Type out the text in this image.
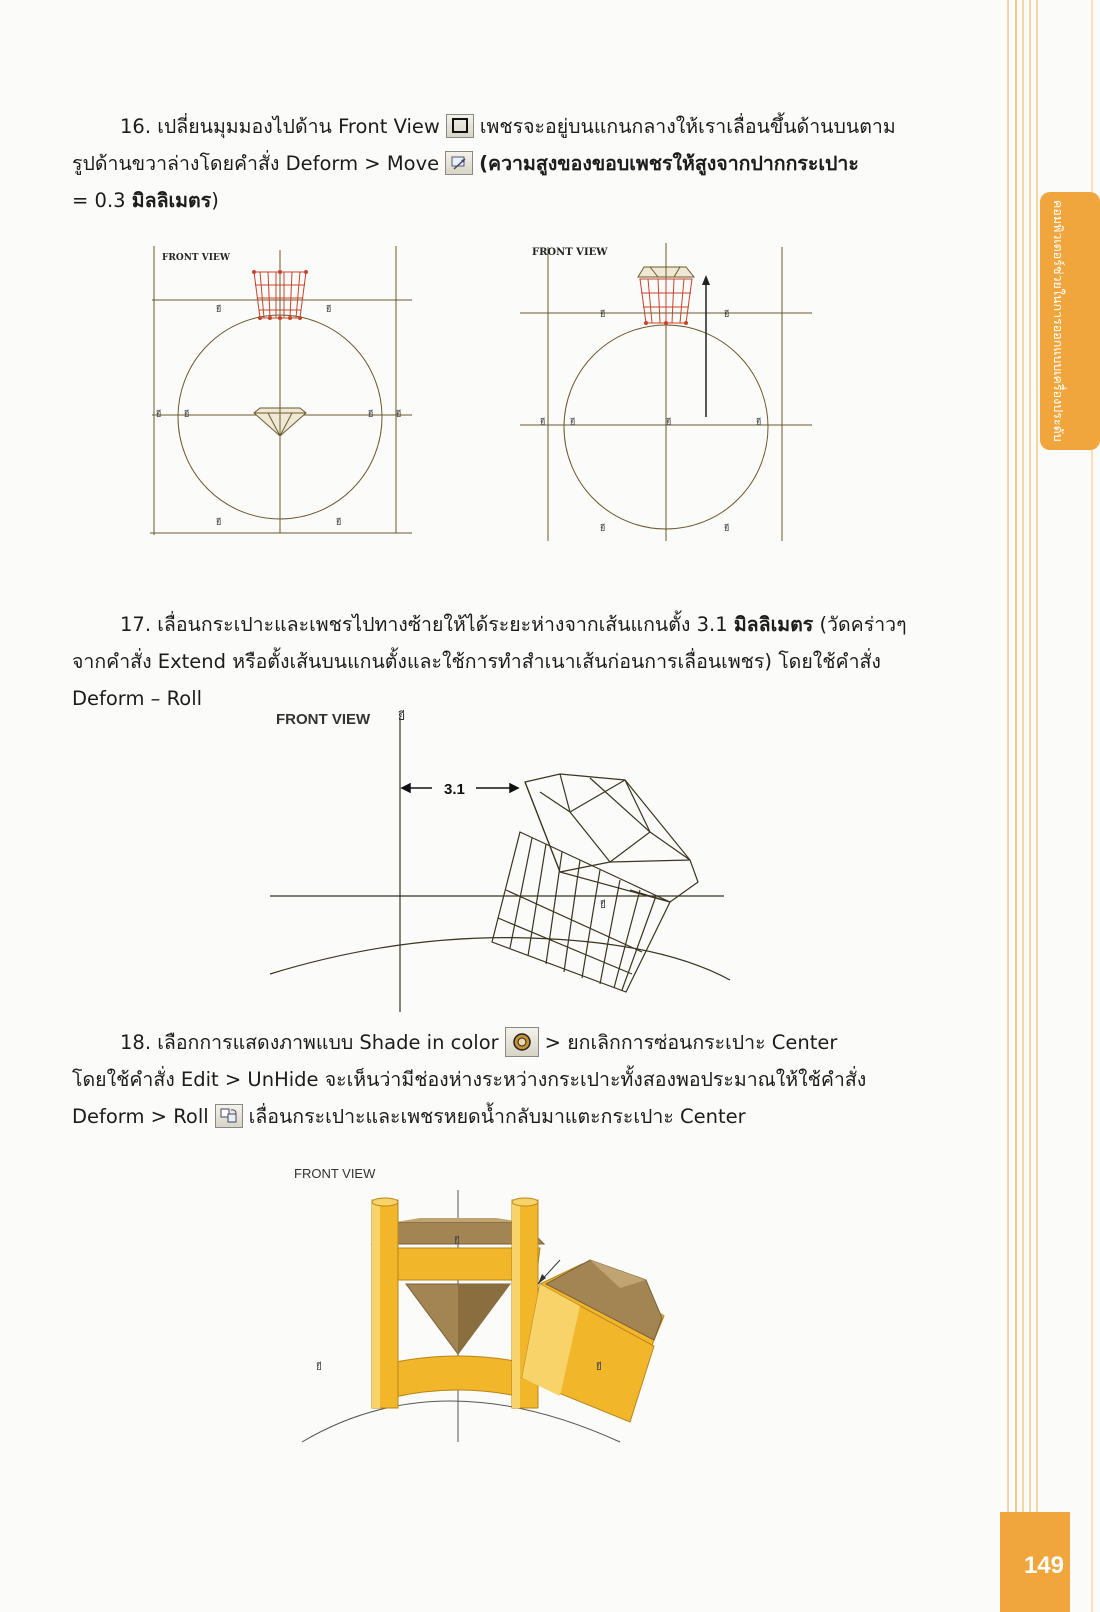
คอมพิวเตอร์ช่วยในการออกแบบเครื่องประดับ
149
16. เปลี่ยนมุมมองไปด้าน Front View เพชรจะอยู่บนแกนกลางให้เราเลื่อนขึ้นด้านบนตาม
รูปด้านขวาล่างโดยคำสั่ง Deform > Move (ความสูงของขอบเพชรให้สูงจากปากกระเปาะ
= 0.3 มิลลิเมตร)
ยี	ยี
ยี	ยี
ยี	ยี
ยี	ยี
FRONT VIEW
ยี	ยี
ยี	ยี	ยี
ยี
ยี	ยี
FRONT VIEW
17. เลื่อนกระเปาะและเพชรไปทางซ้ายให้ได้ระยะห่างจากเส้นแกนตั้ง 3.1 มิลลิเมตร (วัดคร่าวๆ
จากคำสั่ง Extend หรือตั้งเส้นบนแกนตั้งและใช้การทำสำเนาเส้นก่อนการเลื่อนเพชร) โดยใช้คำสั่ง
Deform – Roll
3.1
ยี
ยี
FRONT VIEW
18. เลือกการแสดงภาพแบบ Shade in color > ยกเลิกการซ่อนกระเปาะ Center
โดยใช้คำสั่ง Edit > UnHide จะเห็นว่ามีช่องห่างระหว่างกระเปาะทั้งสองพอประมาณให้ใช้คำสั่ง
Deform > Roll เลื่อนกระเปาะและเพชรหยดน้ำกลับมาแตะกระเปาะ Center
ยี	ยี
ยี
FRONT VIEW
